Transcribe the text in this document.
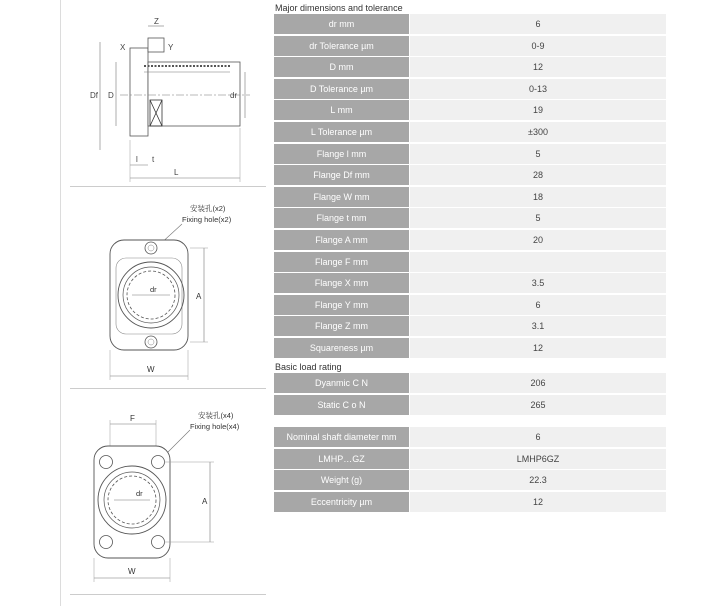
Z
X	Y
Df D	dr
l t
L
安装孔(x2)
Fixing hole(x2)
dr
A
W
安装孔(x4)
Fixing hole(x4)
F
dr
A
W
Major dimensions and tolerance
Basic load rating
dr mm	6
dr Tolerance µm	0-9
D mm	12
D Tolerance µm	0-13
L mm	19
L Tolerance µm	±300
Flange l mm	5
Flange Df mm	28
Flange W mm	18
Flange t mm	5
Flange A mm	20
Flange F mm
Flange X mm	3.5
Flange Y mm	6
Flange Z mm	3.1
Squareness µm	12
Dyanmic C N	206
Static C o N	265
Nominal shaft diameter mm	6
LMHP…GZ	LMHP6GZ
Weight (g)	22.3
Eccentricity µm	12
